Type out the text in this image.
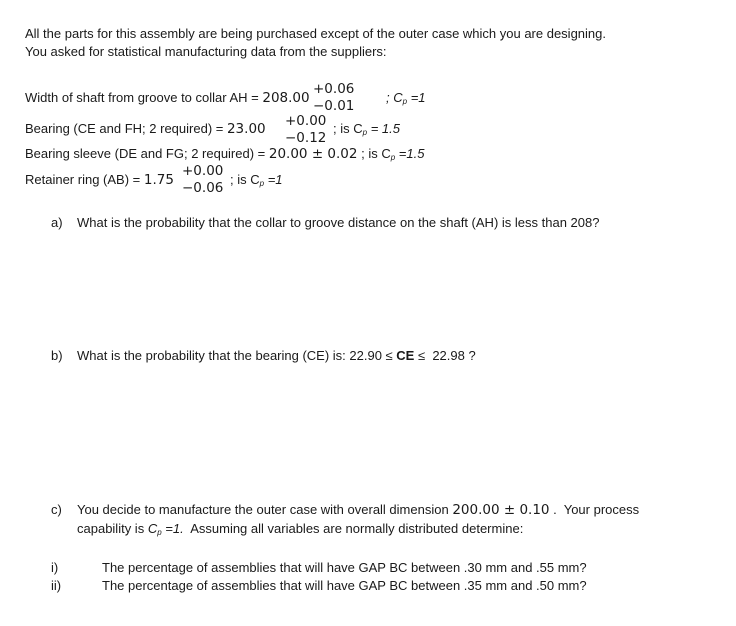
All the parts for this assembly are being purchased except of the outer case which you are designing.
You asked for statistical manufacturing data from the suppliers:
Width of shaft from groove to collar AH = 208.00
+0.06
−0.01
; $C_p =1$
Bearing (CE and FH; 2 required) = 23.00 +0.00
−0.12
; is $C_p = 1.5$
Bearing sleeve (DE and FG; 2 required) = 20.00 ± 0.02 ; is $C_p =1.5$
Retainer ring (AB) = 1.75
+0.00
−0.06
; is $C_p =1$
a) What is the probability that the collar to groove distance on the shaft (AH) is less than 208?
b) What is the probability that the bearing (CE) is: 22.90 ≤ CE ≤  22.98 ?
c) You decide to manufacture the outer case with overall dimension 200.00 ± 0.10 .  Your process
capability is $C_p =1$.  Assuming all variables are normally distributed determine:
i)	The percentage of assemblies that will have GAP BC between .30 mm and .55 mm?
ii)	The percentage of assemblies that will have GAP BC between .35 mm and .50 mm?
